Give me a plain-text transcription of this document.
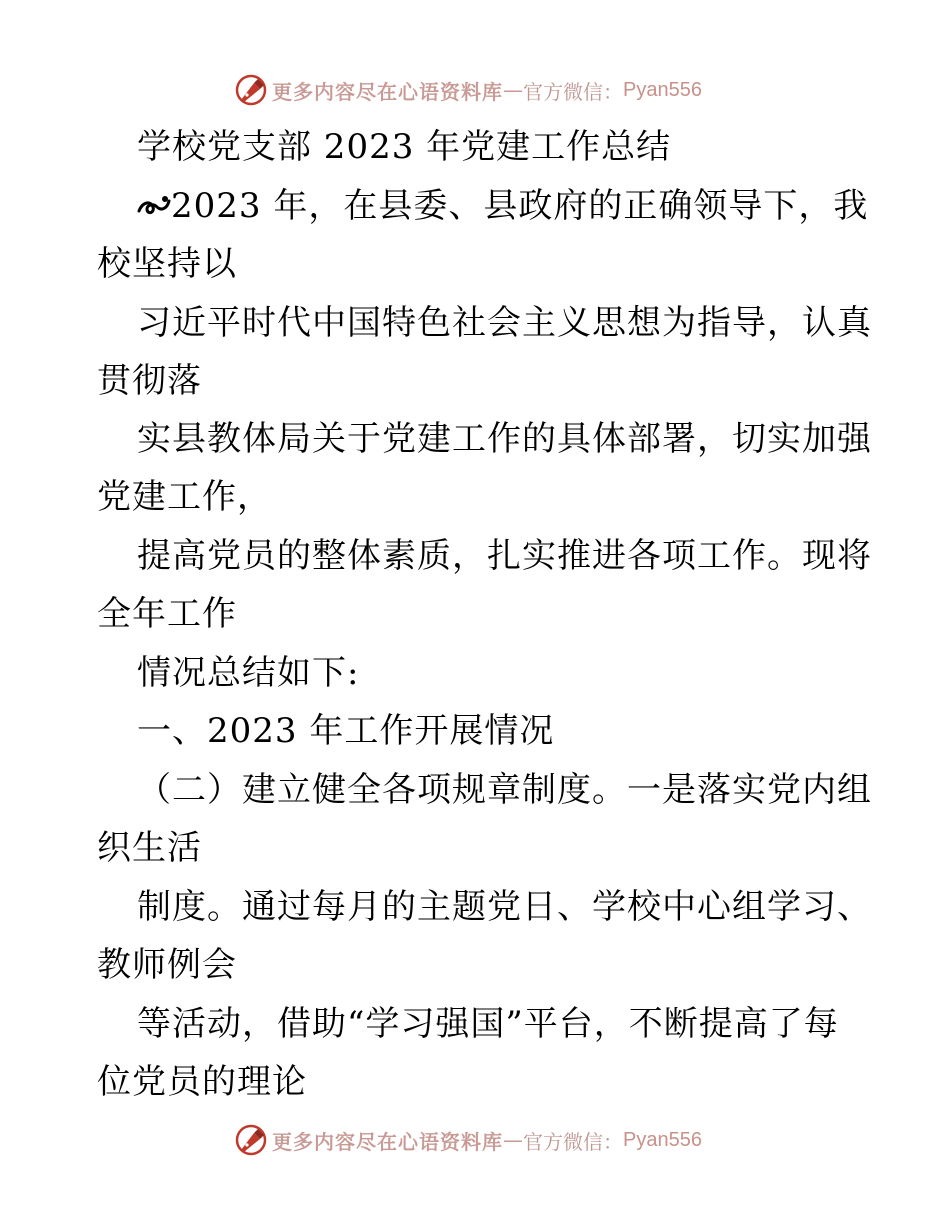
更多内容尽在心语资料库 — 官方微信： Pyan556

学校党支部 2023 年党建工作总结

2023 年，在县委、县政府的正确领导下，我

校坚持以

习近平时代中国特色社会主义思想为指导，认真

贯彻落

实县教体局关于党建工作的具体部署，切实加强

党建工作，

提高党员的整体素质，扎实推进各项工作。现将

全年工作

情况总结如下:

一、2023 年工作开展情况

（二）建立健全各项规章制度。一是落实党内组

织生活

制度。通过每月的主题党日、学校中心组学习、

教师例会

等活动，借助“学习强国”平台，不断提高了每

位党员的理论

更多内容尽在心语资料库 — 官方微信： Pyan556
